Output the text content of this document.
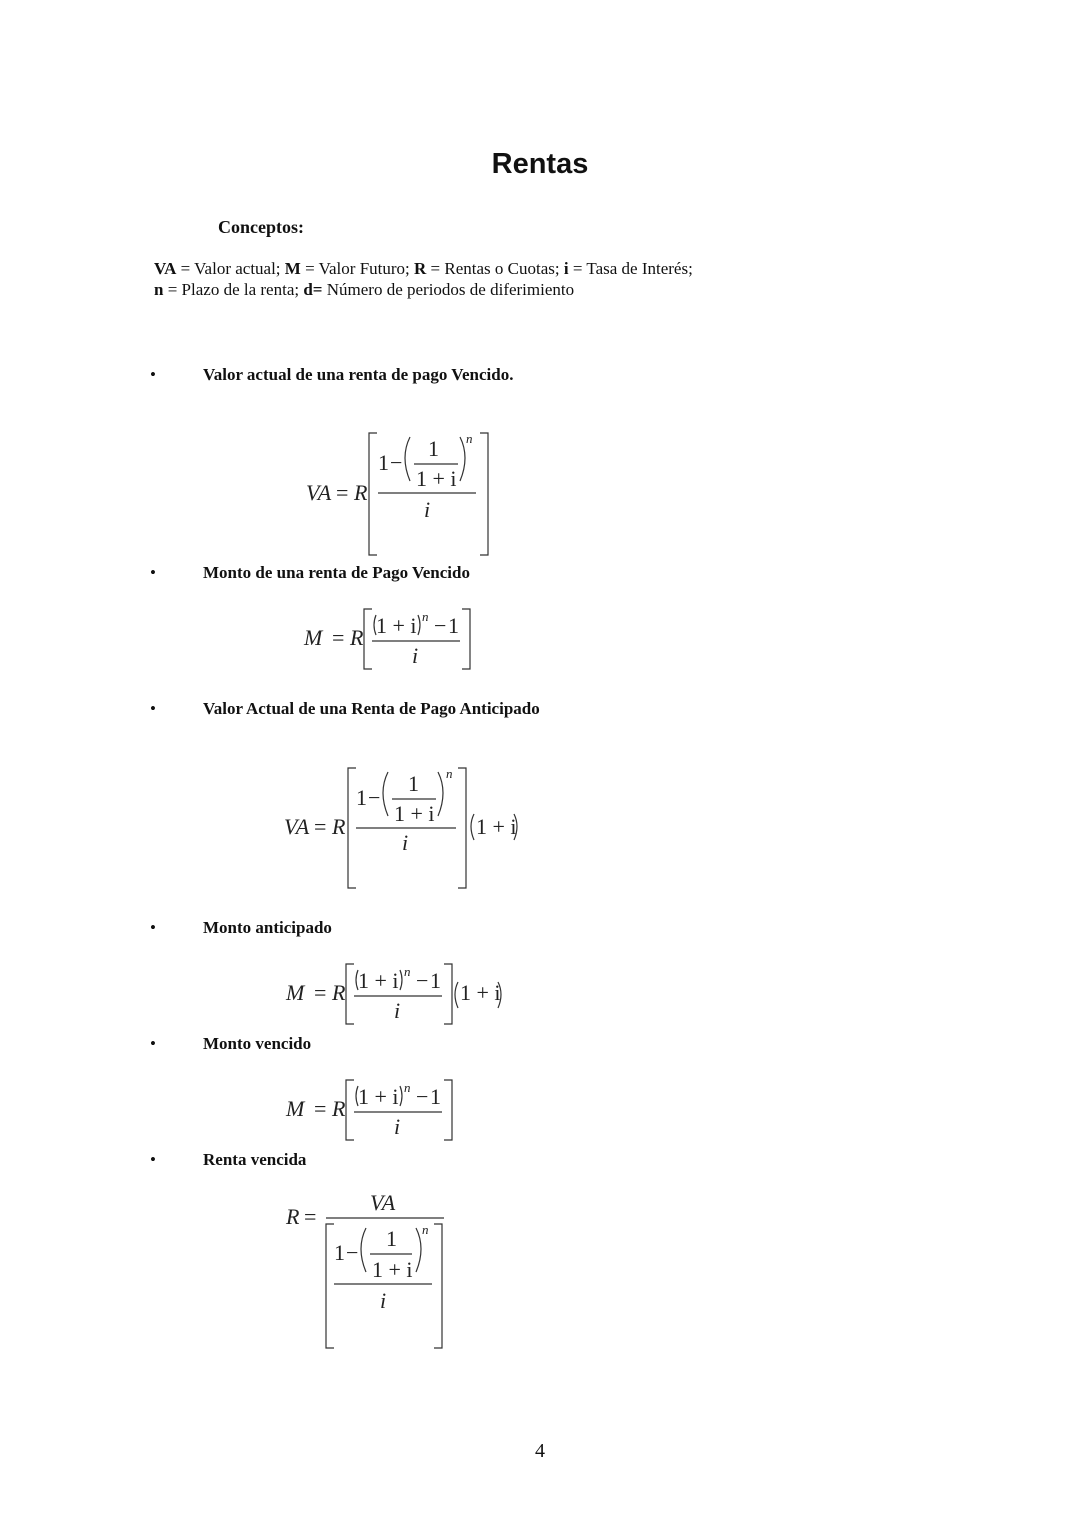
Rentas
Conceptos:
VA = Valor actual; M = Valor Futuro; R = Rentas o Cuotas; i = Tasa de Interés;
n = Plazo de la renta; d= Número de periodos de diferimiento
•	Valor actual de una renta de pago Vencido.
VA = R
1 −
1
1 + i
n
i
•	Monto de una renta de Pago Vencido
M = R 1 + i n − 1
i
•	Valor Actual de una Renta de Pago Anticipado
VA = R
1 −
1
1 + i
n
i
1 + i
•	Monto anticipado
M = R 1 + i n − 1
i
1 + i
•	Monto vencido
M = R 1 + i n − 1
i
•	Renta vencida
R =
VA
1 −
1
1 + i
n
i
4
